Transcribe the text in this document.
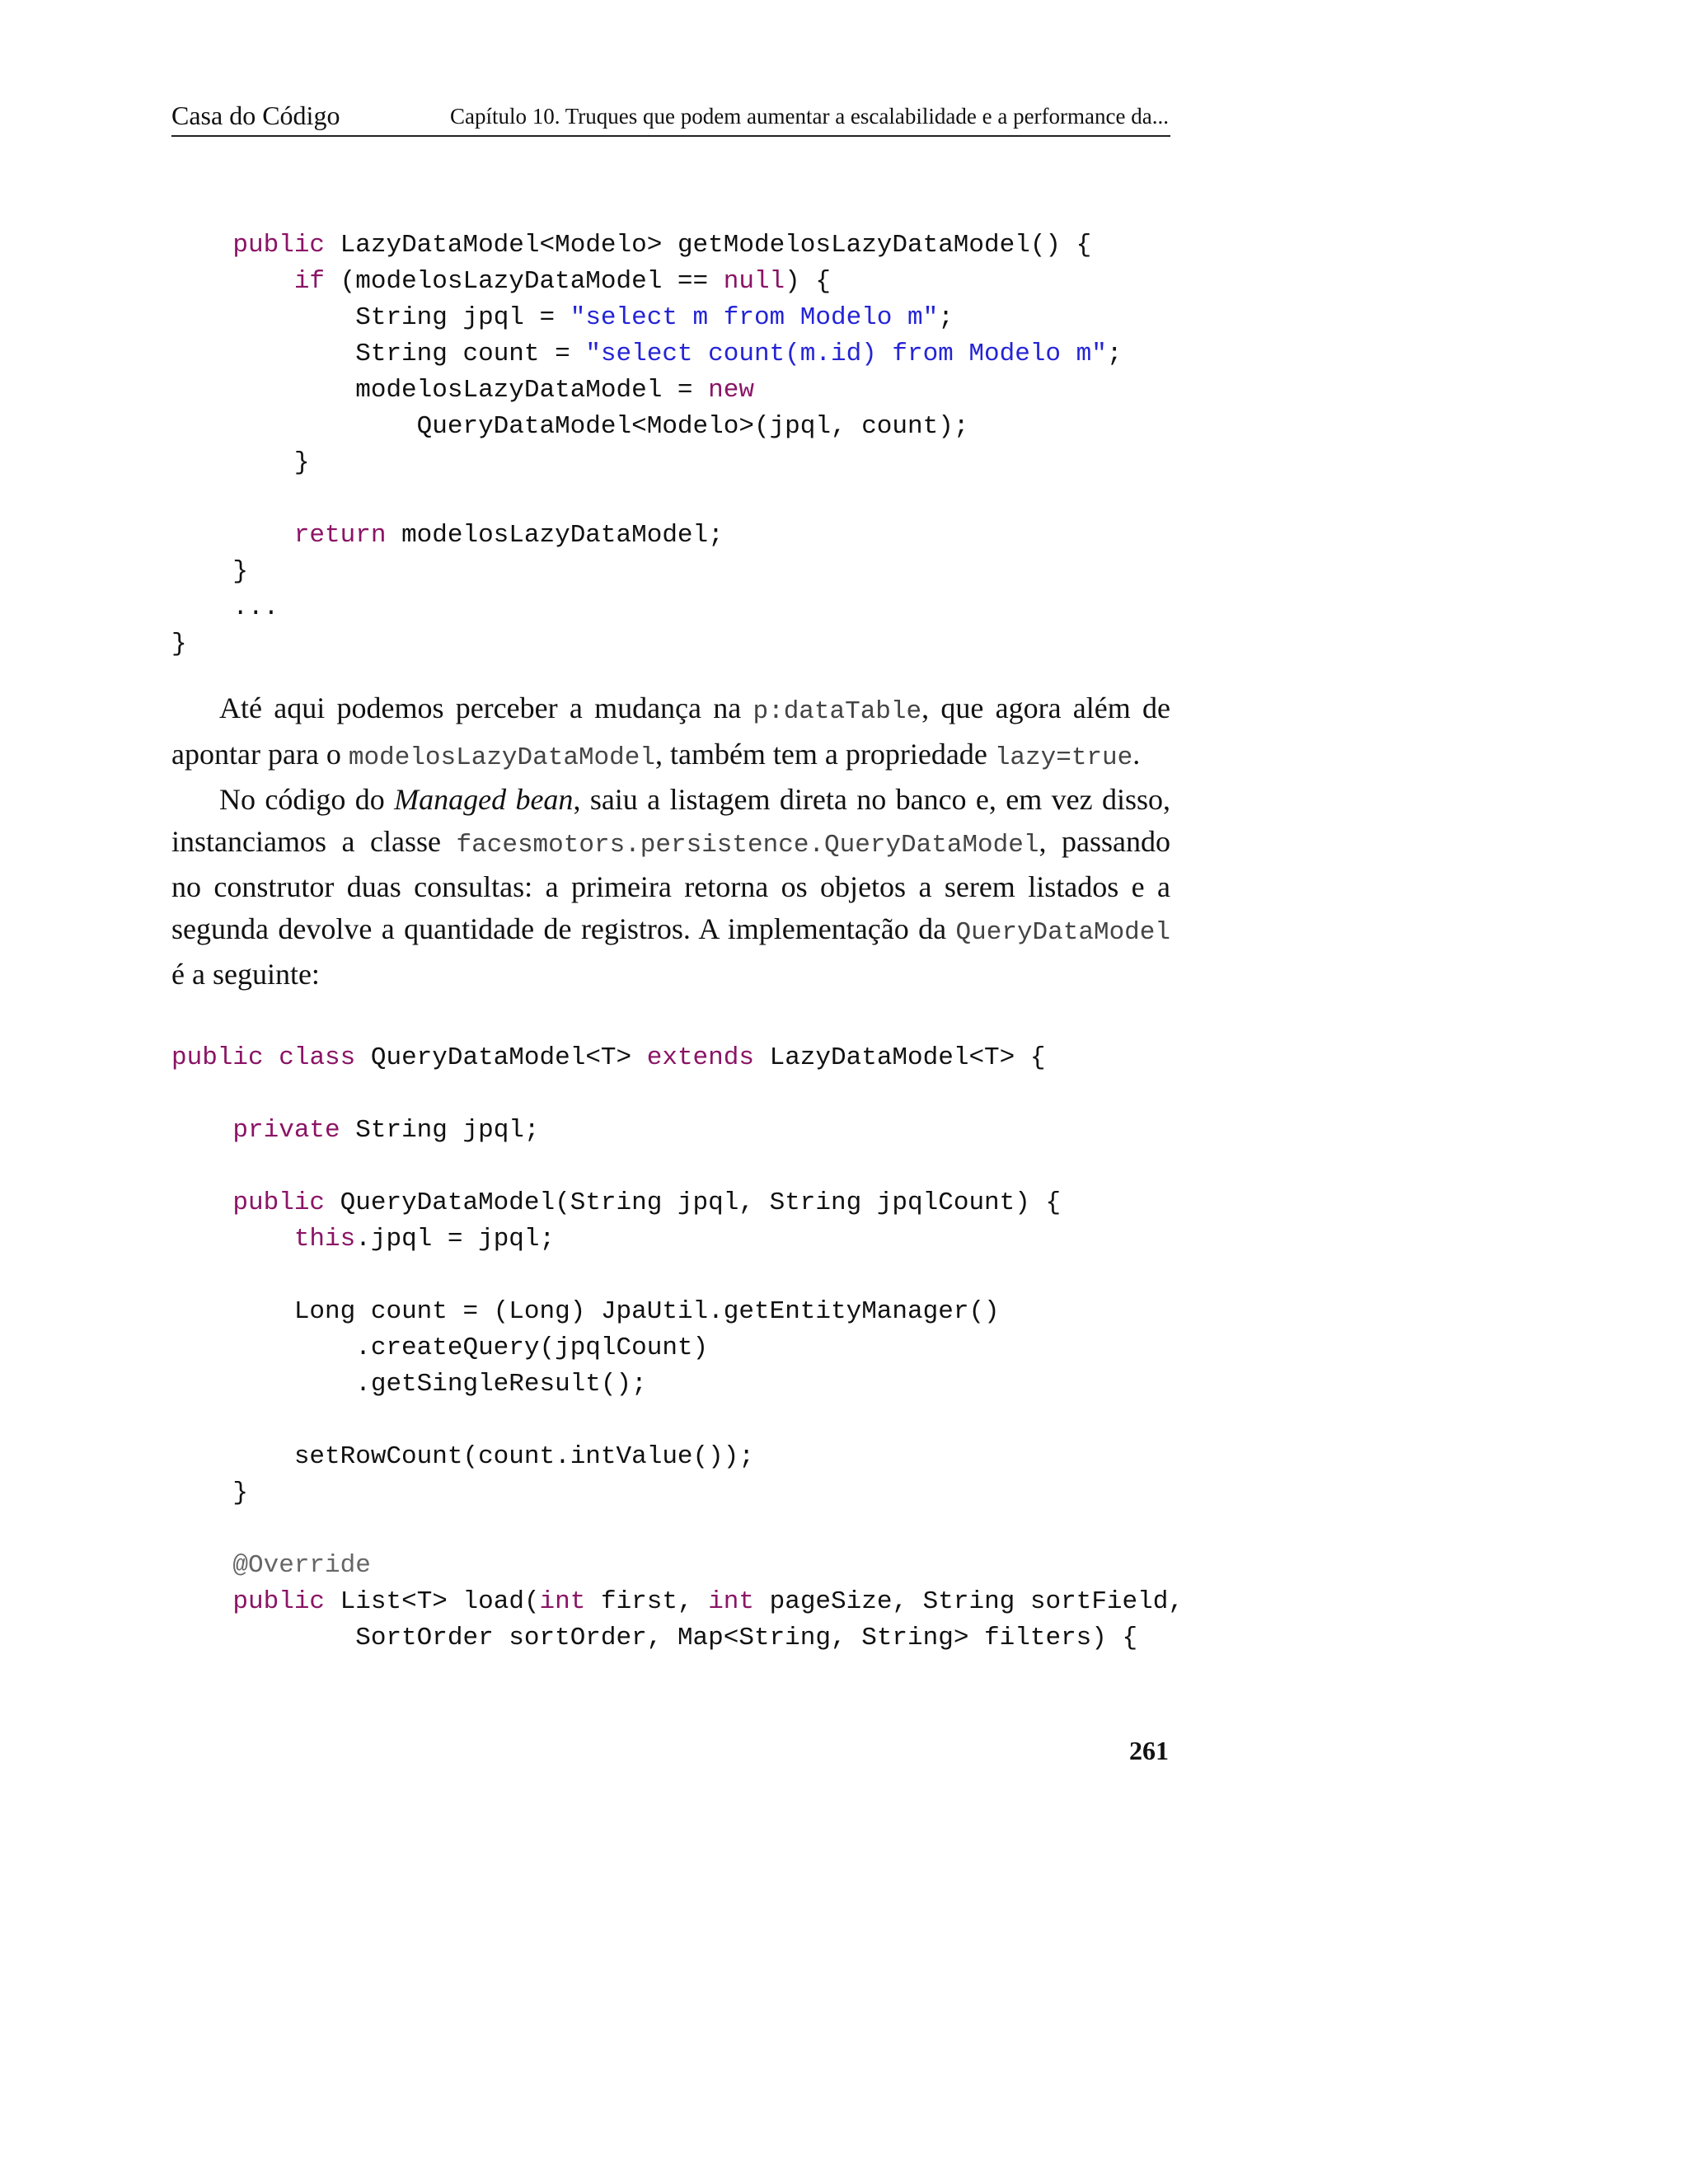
Casa do Código	Capítulo 10. Truques que podem aumentar a escalabilidade e a performance da...
public LazyDataModel<Modelo> getModelosLazyDataModel() {
if (modelosLazyDataModel == null) {
String jpql = "select m from Modelo m";
String count = "select count(m.id) from Modelo m";
modelosLazyDataModel = new
QueryDataModel<Modelo>(jpql, count);
}
return modelosLazyDataModel;
}
...
}

Até aqui podemos perceber a mudança na p:dataTable, que agora além de apontar para o modelosLazyDataModel, também tem a propriedade lazy=true.

No código do Managed bean, saiu a listagem direta no banco e, em vez disso, instanciamos a classe facesmotors.persistence.QueryDataModel, passando no construtor duas consultas: a primeira retorna os objetos a serem listados e a segunda devolve a quantidade de registros. A implementação da QueryDataModel é a seguinte:

public class QueryDataModel<T> extends LazyDataModel<T> {
private String jpql;
public QueryDataModel(String jpql, String jpqlCount) {
this.jpql = jpql;
Long count = (Long) JpaUtil.getEntityManager()
.createQuery(jpqlCount)
.getSingleResult();
setRowCount(count.intValue());
}
@Override
public List<T> load(int first, int pageSize, String sortField,
SortOrder sortOrder, Map<String, String> filters) {
261
